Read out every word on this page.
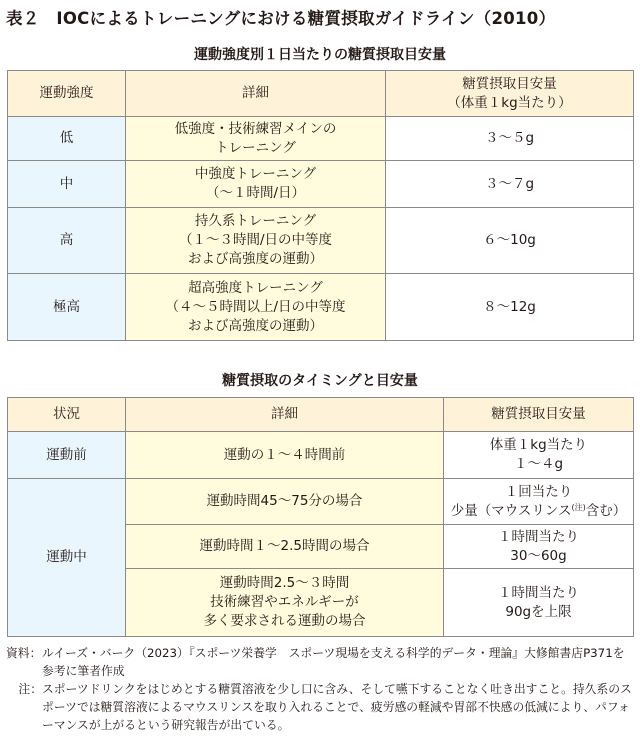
表２　IOCによるトレーニングにおける糖質摂取ガイドライン（2010）
運動強度別１日当たりの糖質摂取目安量
運動強度	詳細	糖質摂取目安量
（体重１kg当たり）

低	低強度・技術練習メインの
トレーニング	３～５g
中	中強度トレーニング
（～１時間/日）	３～７g
高	持久系トレーニング
（１～３時間/日の中等度
および高強度の運動）	６～10g
極高	超高強度トレーニング
（４～５時間以上/日の中等度
および高強度の運動）	８～12g
糖質摂取のタイミングと目安量
状況	詳細	糖質摂取目安量
運動前	運動の１～４時間前	体重１kg当たり
１～４g

運動中	運動時間45～75分の場合	１回当たり
少量（マウスリンス$^{(注)}$含む）

	運動時間１～2.5時間の場合	１時間当たり
30～60g

	運動時間2.5～３時間
技術練習やエネルギーが
多く要求される運動の場合	１時間当たり
90gを上限
資料： ルイーズ・バーク（2023）『スポーツ栄養学　スポーツ現場を支える科学的データ・理論』大修館書店P371を参考に筆者作成
注： スポーツドリンクをはじめとする糖質溶液を少し口に含み、そして嚥下することなく吐き出すこと。持久系のスポーツでは糖質溶液によるマウスリンスを取り入れることで、疲労感の軽減や胃部不快感の低減により、パフォーマンスが上がるという研究報告が出ている。
